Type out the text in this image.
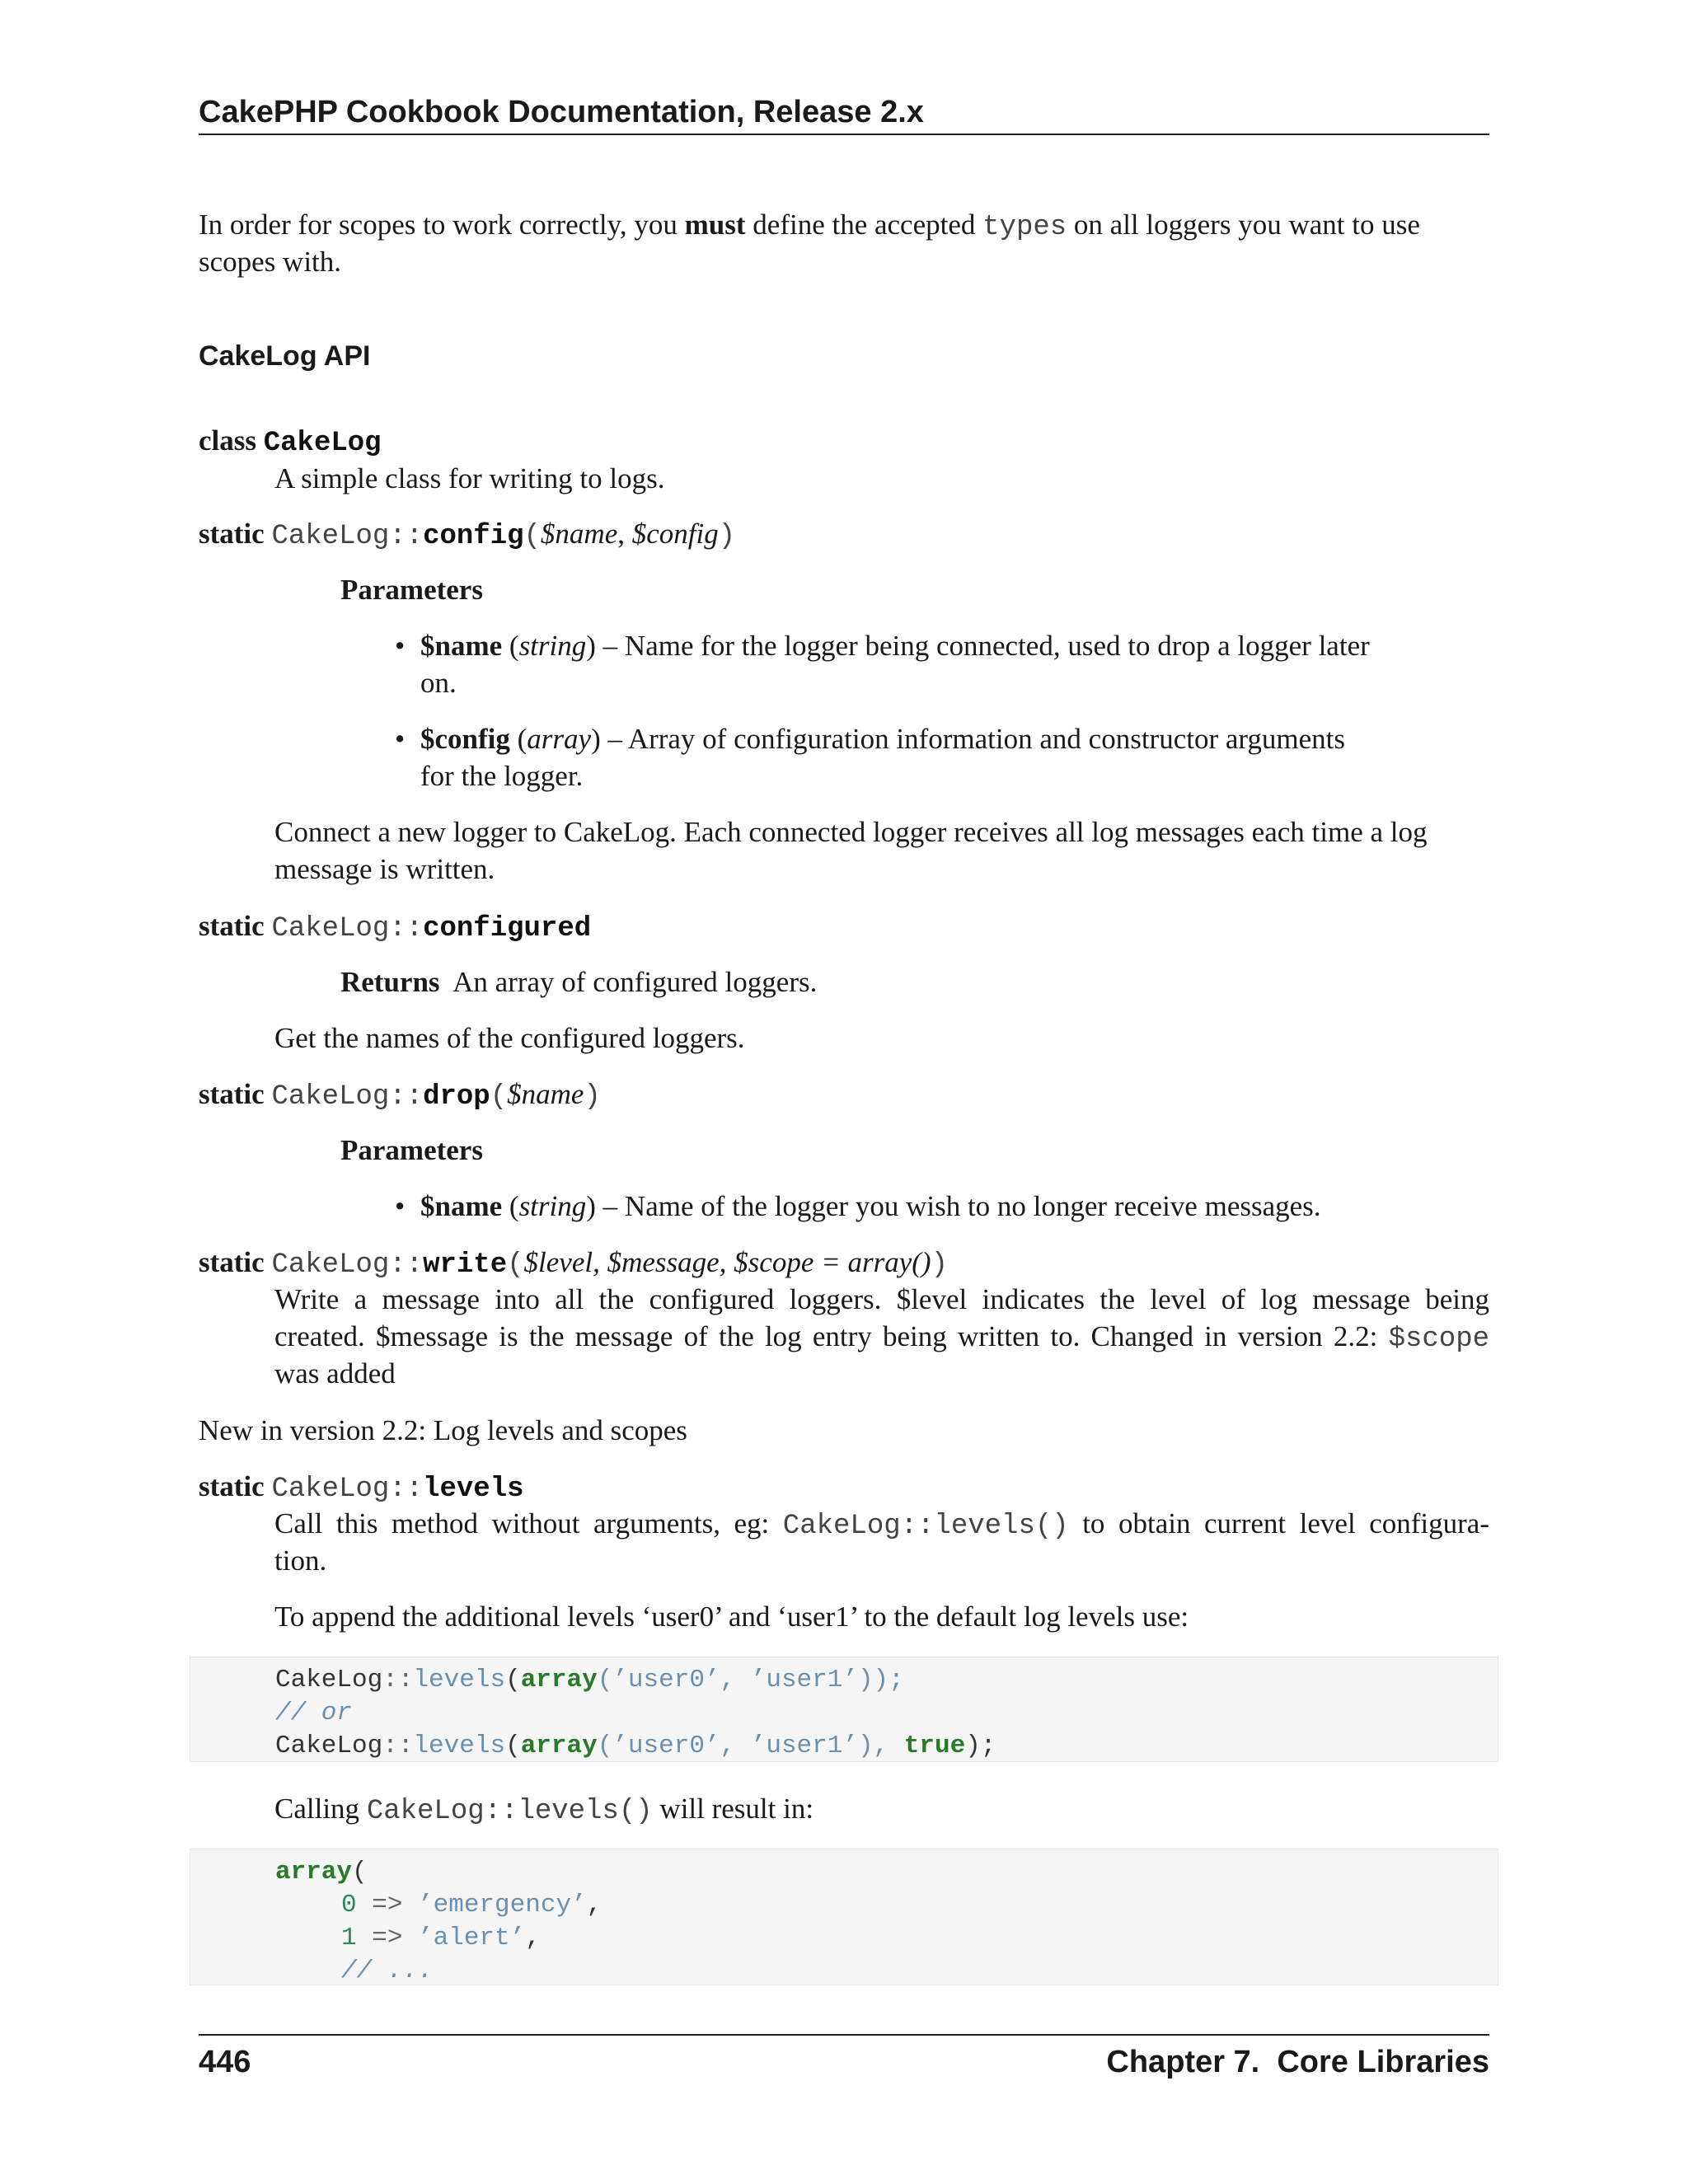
CakePHP Cookbook Documentation, Release 2.x
In order for scopes to work correctly, you must define the accepted types on all loggers you want to use
scopes with.
CakeLog API
class CakeLog
A simple class for writing to logs.
static CakeLog::config($name, $config)
Parameters
• $name (string) – Name for the logger being connected, used to drop a logger later
on.
• $config (array) – Array of configuration information and constructor arguments
for the logger.
Connect a new logger to CakeLog. Each connected logger receives all log messages each time a log
message is written.
static CakeLog::configured
Returns An array of configured loggers.
Get the names of the configured loggers.
static CakeLog::drop($name)
Parameters
• $name (string) – Name of the logger you wish to no longer receive messages.
static CakeLog::write($level, $message, $scope = array())
Write a message into all the configured loggers. $level indicates the level of log message being
created. $message is the message of the log entry being written to. Changed in version 2.2: $scope
was added
New in version 2.2: Log levels and scopes
static CakeLog::levels
Call this method without arguments, eg: CakeLog::levels() to obtain current level configura-
tion.
To append the additional levels ‘user0’ and ‘user1’ to the default log levels use:
CakeLog::levels(array(’user0’, ’user1’));
// or
CakeLog::levels(array(’user0’, ’user1’), true);
Calling CakeLog::levels() will result in:
array(
0 => ’emergency’,
1 => ’alert’,
// ...
446	Chapter 7.  Core Libraries
